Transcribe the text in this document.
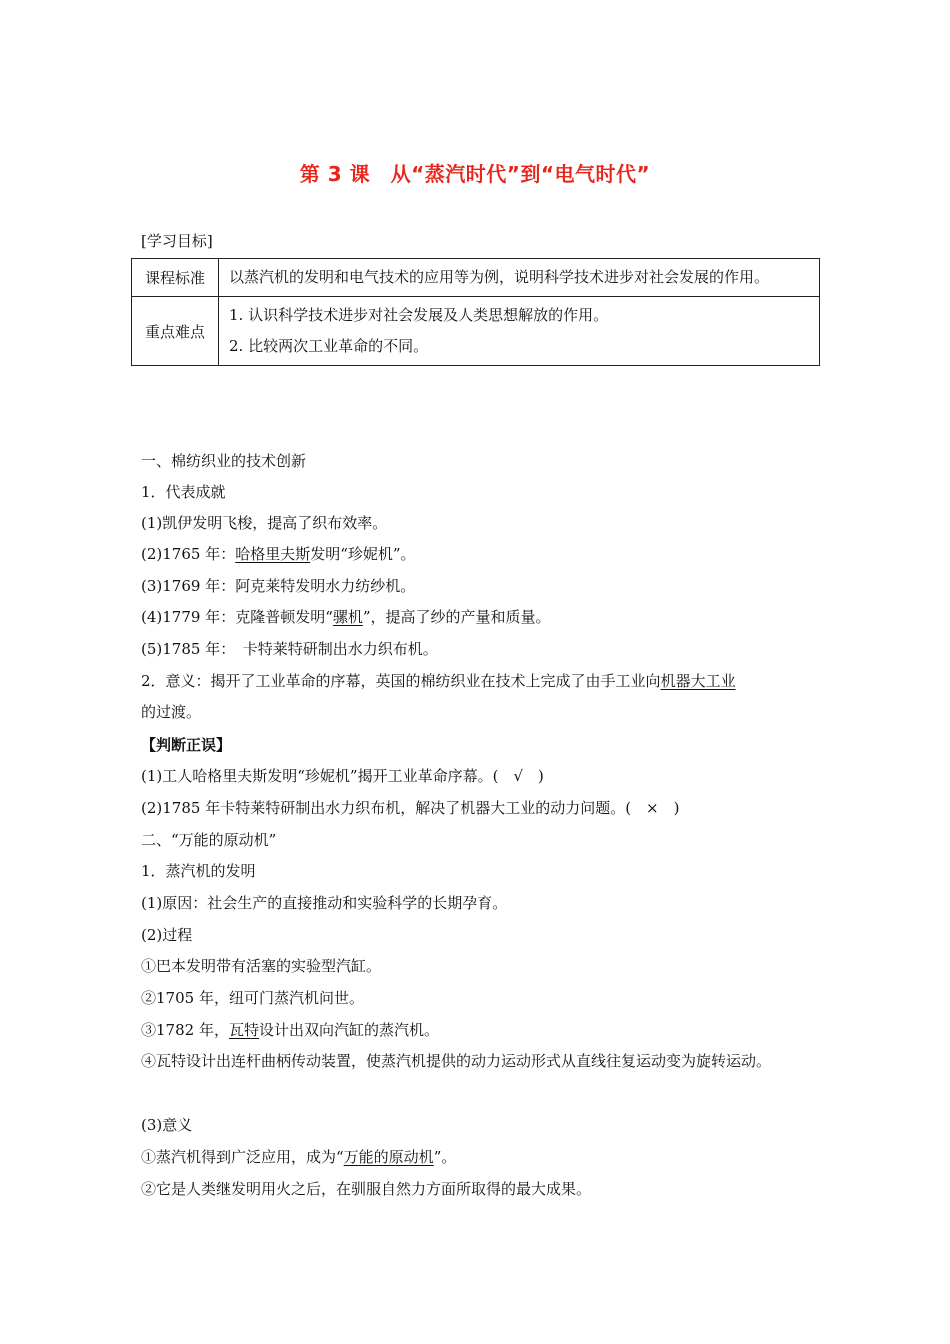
第 3 课　从“蒸汽时代”到“电气时代”
[学习目标]
课程标准	以蒸汽机的发明和电气技术的应用等为例，说明科学技术进步对社会发展的作用。
重点难点	1. 认识科学技术进步对社会发展及人类思想解放的作用。
2. 比较两次工业革命的不同。
一、棉纺织业的技术创新
1．代表成就
(1)凯伊发明飞梭，提高了织布效率。
(2)1765 年：哈格里夫斯发明“珍妮机”。
(3)1769 年：阿克莱特发明水力纺纱机。
(4)1779 年：克隆普顿发明“骡机”，提高了纱的产量和质量。
(5)1785 年：　卡特莱特研制出水力织布机。
2．意义：揭开了工业革命的序幕，英国的棉纺织业在技术上完成了由手工业向机器大工业
的过渡。
【判断正误】
(1)工人哈格里夫斯发明“珍妮机”揭开工业革命序幕。(　√　)
(2)1785 年卡特莱特研制出水力织布机，解决了机器大工业的动力问题。(　×　)
二、“万能的原动机”
1．蒸汽机的发明
(1)原因：社会生产的直接推动和实验科学的长期孕育。
(2)过程
①巴本发明带有活塞的实验型汽缸。
②1705 年，纽可门蒸汽机问世。
③1782 年，瓦特设计出双向汽缸的蒸汽机。
④瓦特设计出连杆曲柄传动装置，使蒸汽机提供的动力运动形式从直线往复运动变为旋转运动。
(3)意义
①蒸汽机得到广泛应用，成为“万能的原动机”。
②它是人类继发明用火之后，在驯服自然力方面所取得的最大成果。
